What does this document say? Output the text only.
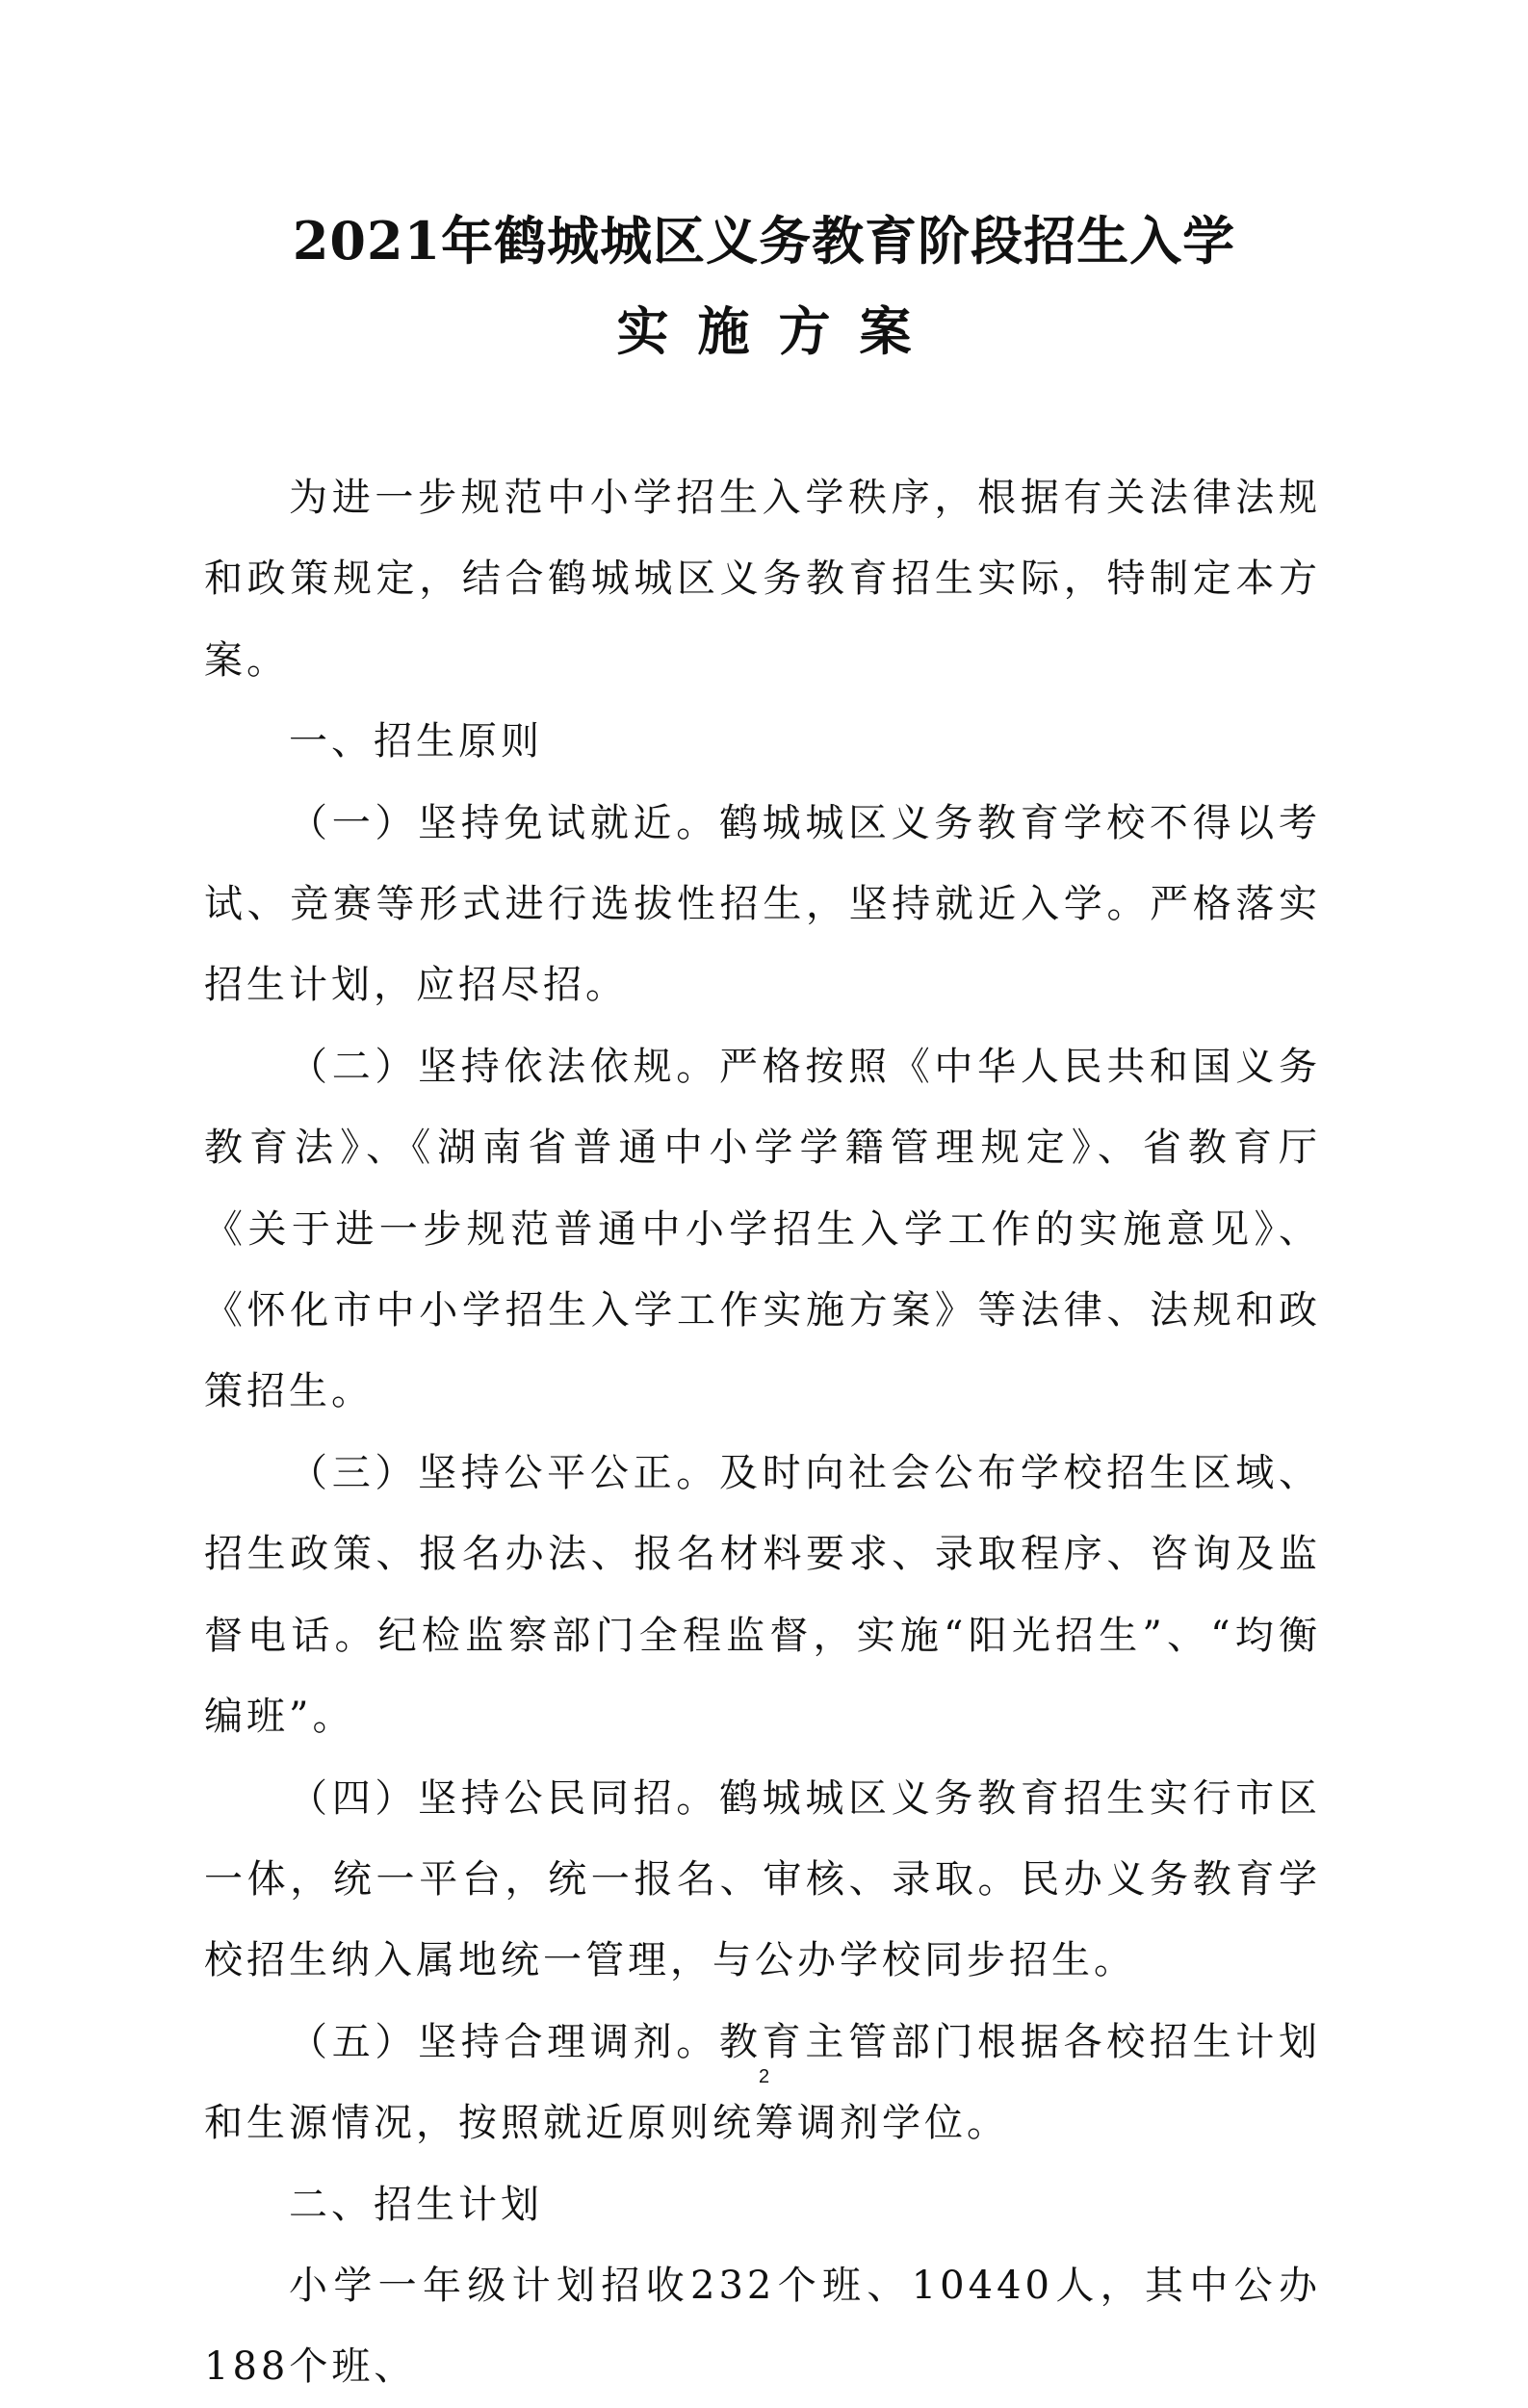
2021年鹤城城区义务教育阶段招生入学
实施方案

为进一步规范中小学招生入学秩序，根据有关法律法规和政策规定，结合鹤城城区义务教育招生实际，特制定本方案。

一、招生原则

（一）坚持免试就近。鹤城城区义务教育学校不得以考试、竞赛等形式进行选拔性招生，坚持就近入学。严格落实招生计划，应招尽招。

（二）坚持依法依规。严格按照《中华人民共和国义务教育法》、《湖南省普通中小学学籍管理规定》、省教育厅《关于进一步规范普通中小学招生入学工作的实施意见》、《怀化市中小学招生入学工作实施方案》等法律、法规和政策招生。

（三）坚持公平公正。及时向社会公布学校招生区域、招生政策、报名办法、报名材料要求、录取程序、咨询及监督电话。纪检监察部门全程监督，实施“阳光招生”、“均衡编班”。

（四）坚持公民同招。鹤城城区义务教育招生实行市区一体，统一平台，统一报名、审核、录取。民办义务教育学校招生纳入属地统一管理，与公办学校同步招生。

（五）坚持合理调剂。教育主管部门根据各校招生计划和生源情况，按照就近原则统筹调剂学位。

二、招生计划

小学一年级计划招收232个班、10440人，其中公办188个班、

2
